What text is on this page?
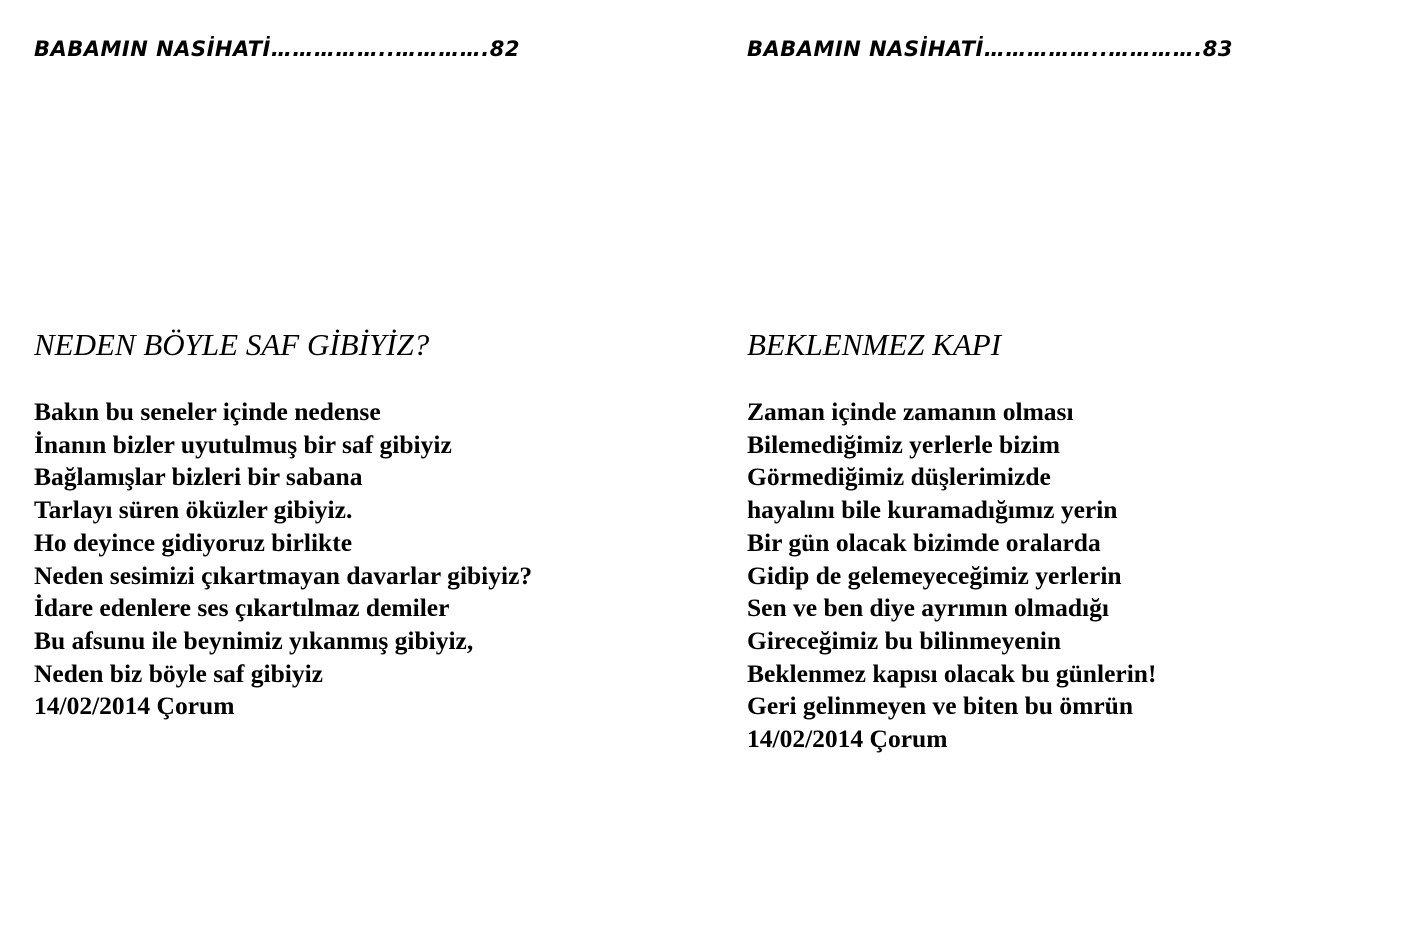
BABAMIN NASİHATİ……………..………….82
NEDEN BÖYLE SAF GİBİYİZ?
Bakın bu seneler içinde nedense
İnanın bizler uyutulmuş bir saf gibiyiz
Bağlamışlar bizleri bir sabana
Tarlayı süren öküzler gibiyiz.
Ho deyince gidiyoruz birlikte
Neden sesimizi çıkartmayan davarlar gibiyiz?
İdare edenlere ses çıkartılmaz demiler
Bu afsunu ile beynimiz yıkanmış gibiyiz,
Neden biz böyle saf gibiyiz
14/02/2014 Çorum
BABAMIN NASİHATİ……………..………….83
BEKLENMEZ KAPI
Zaman içinde zamanın olması
Bilemediğimiz yerlerle bizim
Görmediğimiz düşlerimizde
hayalını bile kuramadığımız yerin
Bir gün olacak bizimde oralarda
Gidip de gelemeyeceğimiz yerlerin
Sen ve ben diye ayrımın olmadığı
Gireceğimiz bu bilinmeyenin
Beklenmez kapısı olacak bu günlerin!
Geri gelinmeyen ve biten bu ömrün
14/02/2014 Çorum
